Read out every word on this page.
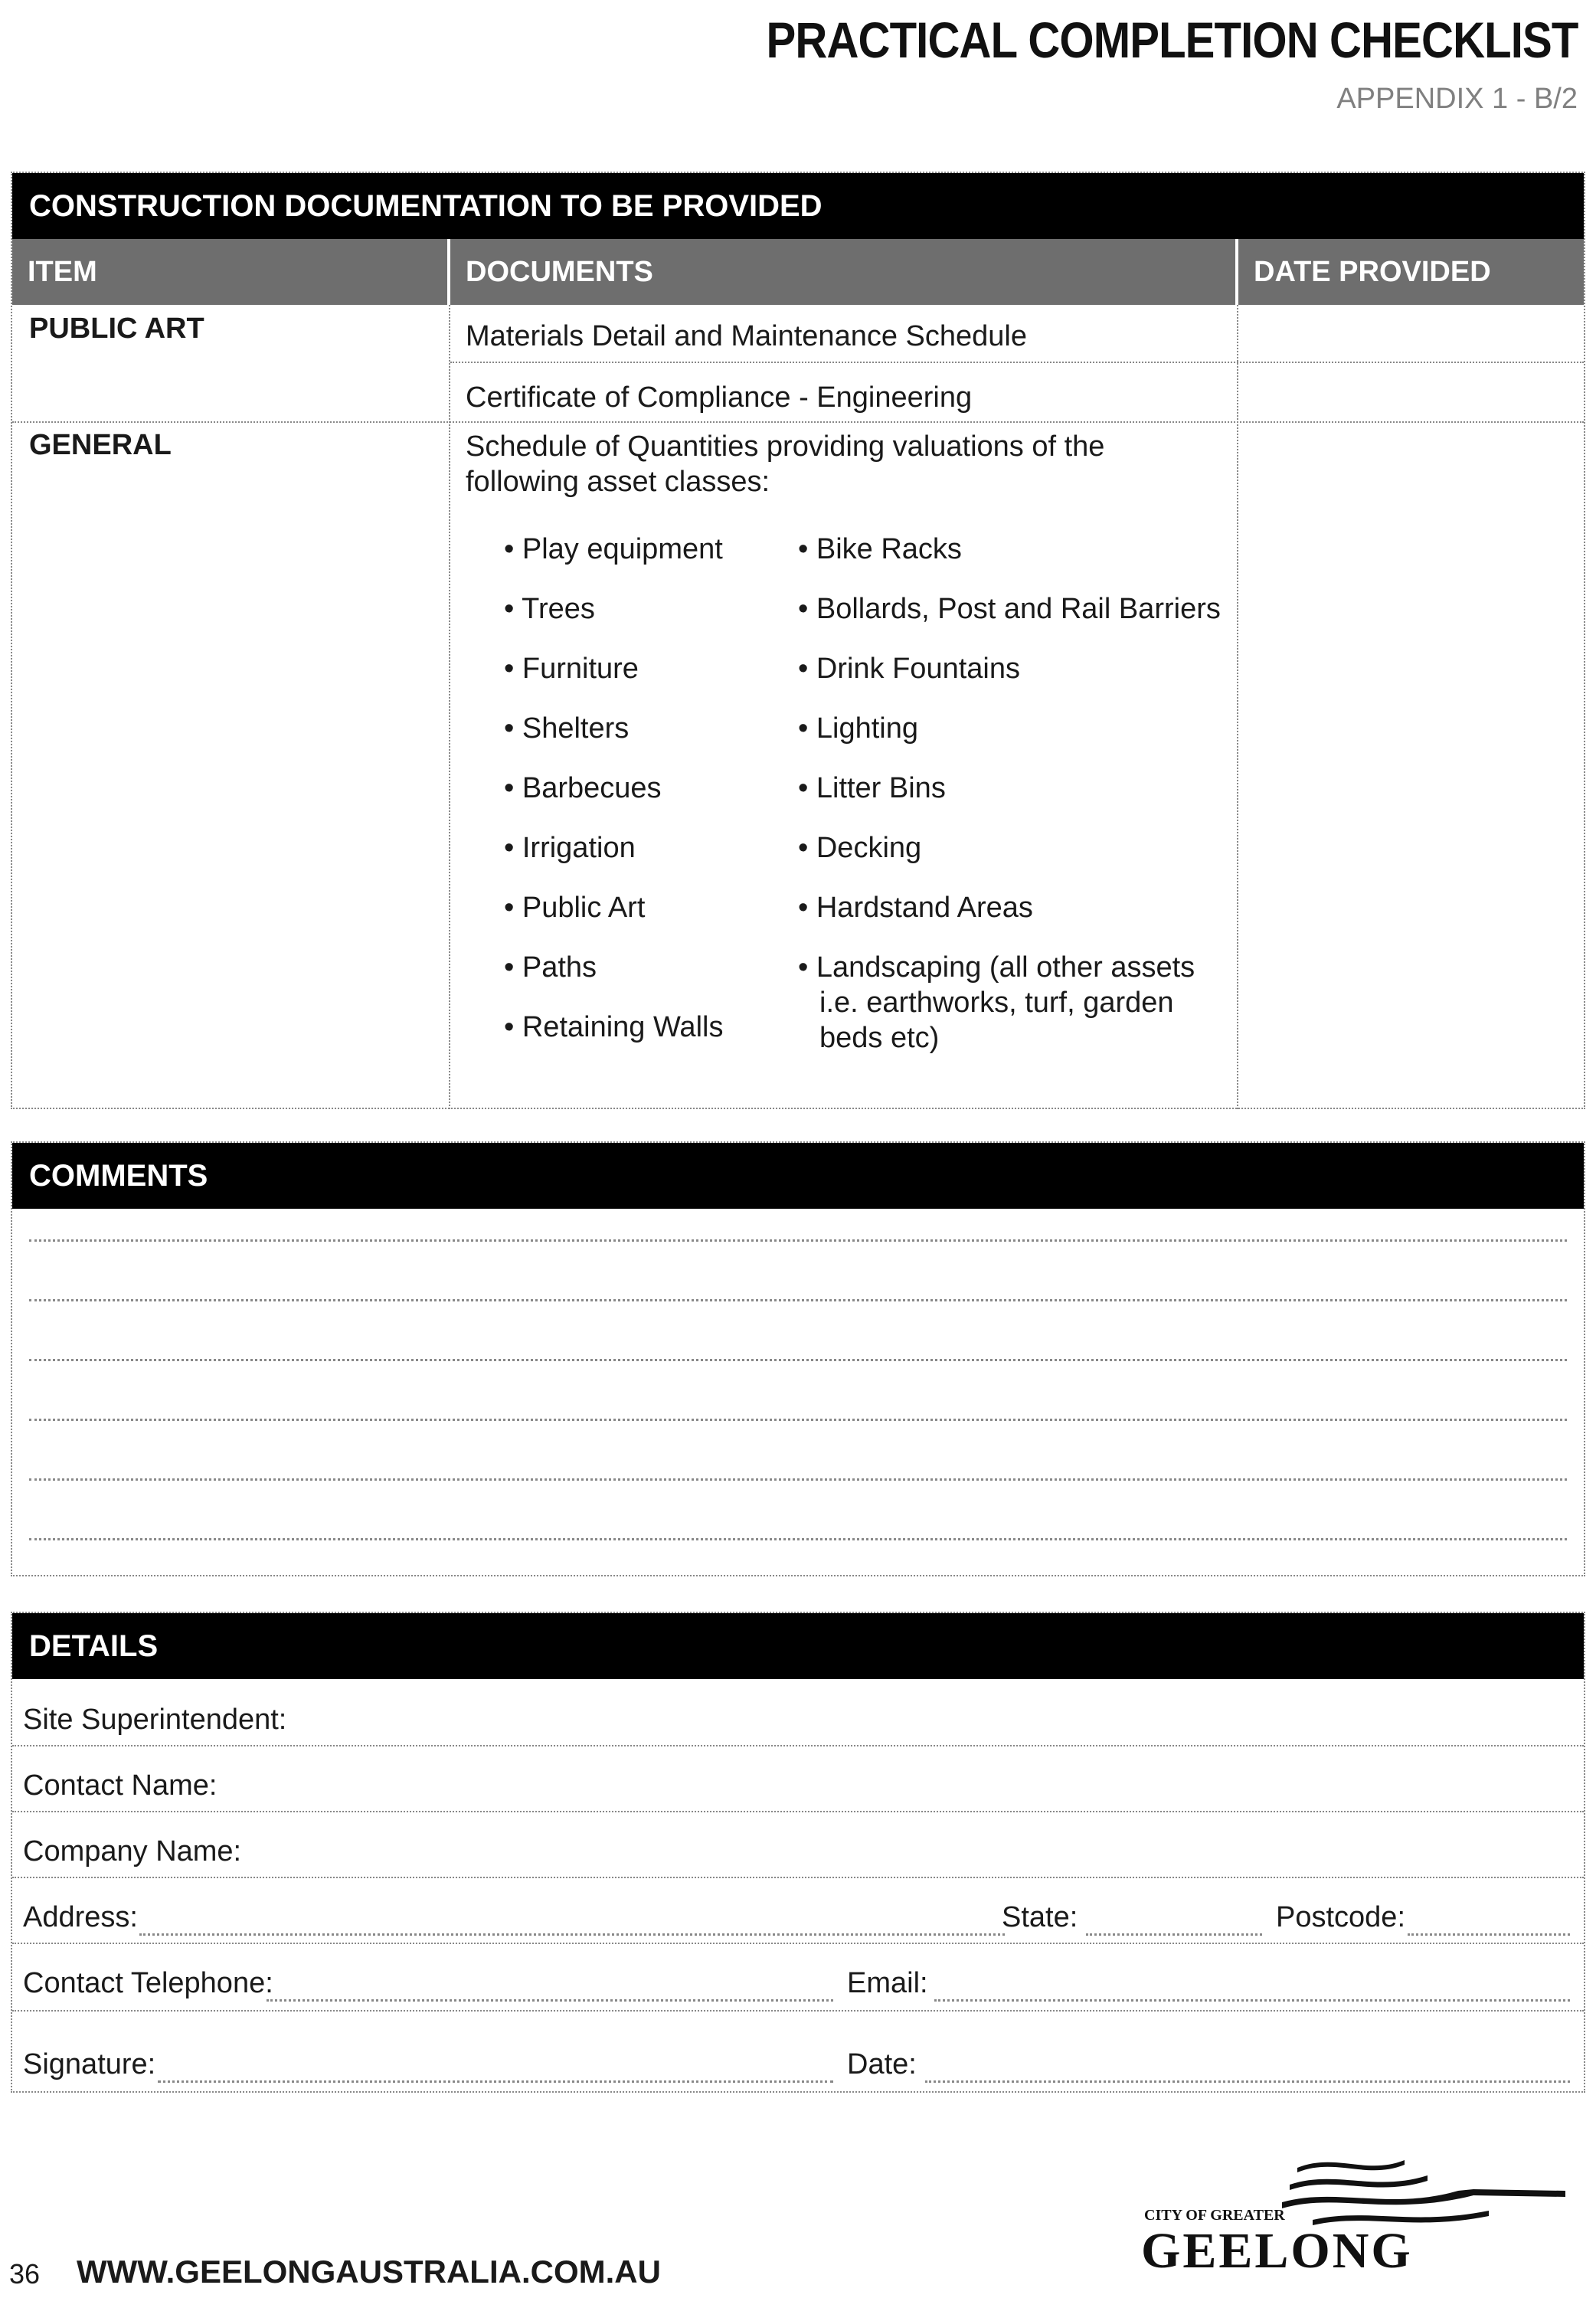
PRACTICAL COMPLETION CHECKLIST
APPENDIX 1 - B/2
CONSTRUCTION DOCUMENTATION TO BE PROVIDED
ITEM	DOCUMENTS	DATE PROVIDED
PUBLIC ART	Materials Detail and Maintenance Schedule
Certificate of Compliance - Engineering
GENERAL	Schedule of Quantities providing valuations of the following asset classes:
• Play equipment
• Trees
• Furniture
• Shelters
• Barbecues
• Irrigation
• Public Art
• Paths
• Retaining Walls
• Bike Racks
• Bollards, Post and Rail Barriers
• Drink Fountains
• Lighting
• Litter Bins
• Decking
• Hardstand Areas
• Landscaping (all other assets i.e. earthworks, turf, garden beds etc)
COMMENTS
DETAILS
Site Superintendent:
Contact Name:
Company Name:
Address:	State:	Postcode:
Contact Telephone:	Email:
Signature:	Date:
36 WWW.GEELONGAUSTRALIA.COM.AU
CITY OF GREATER
GEELONG
